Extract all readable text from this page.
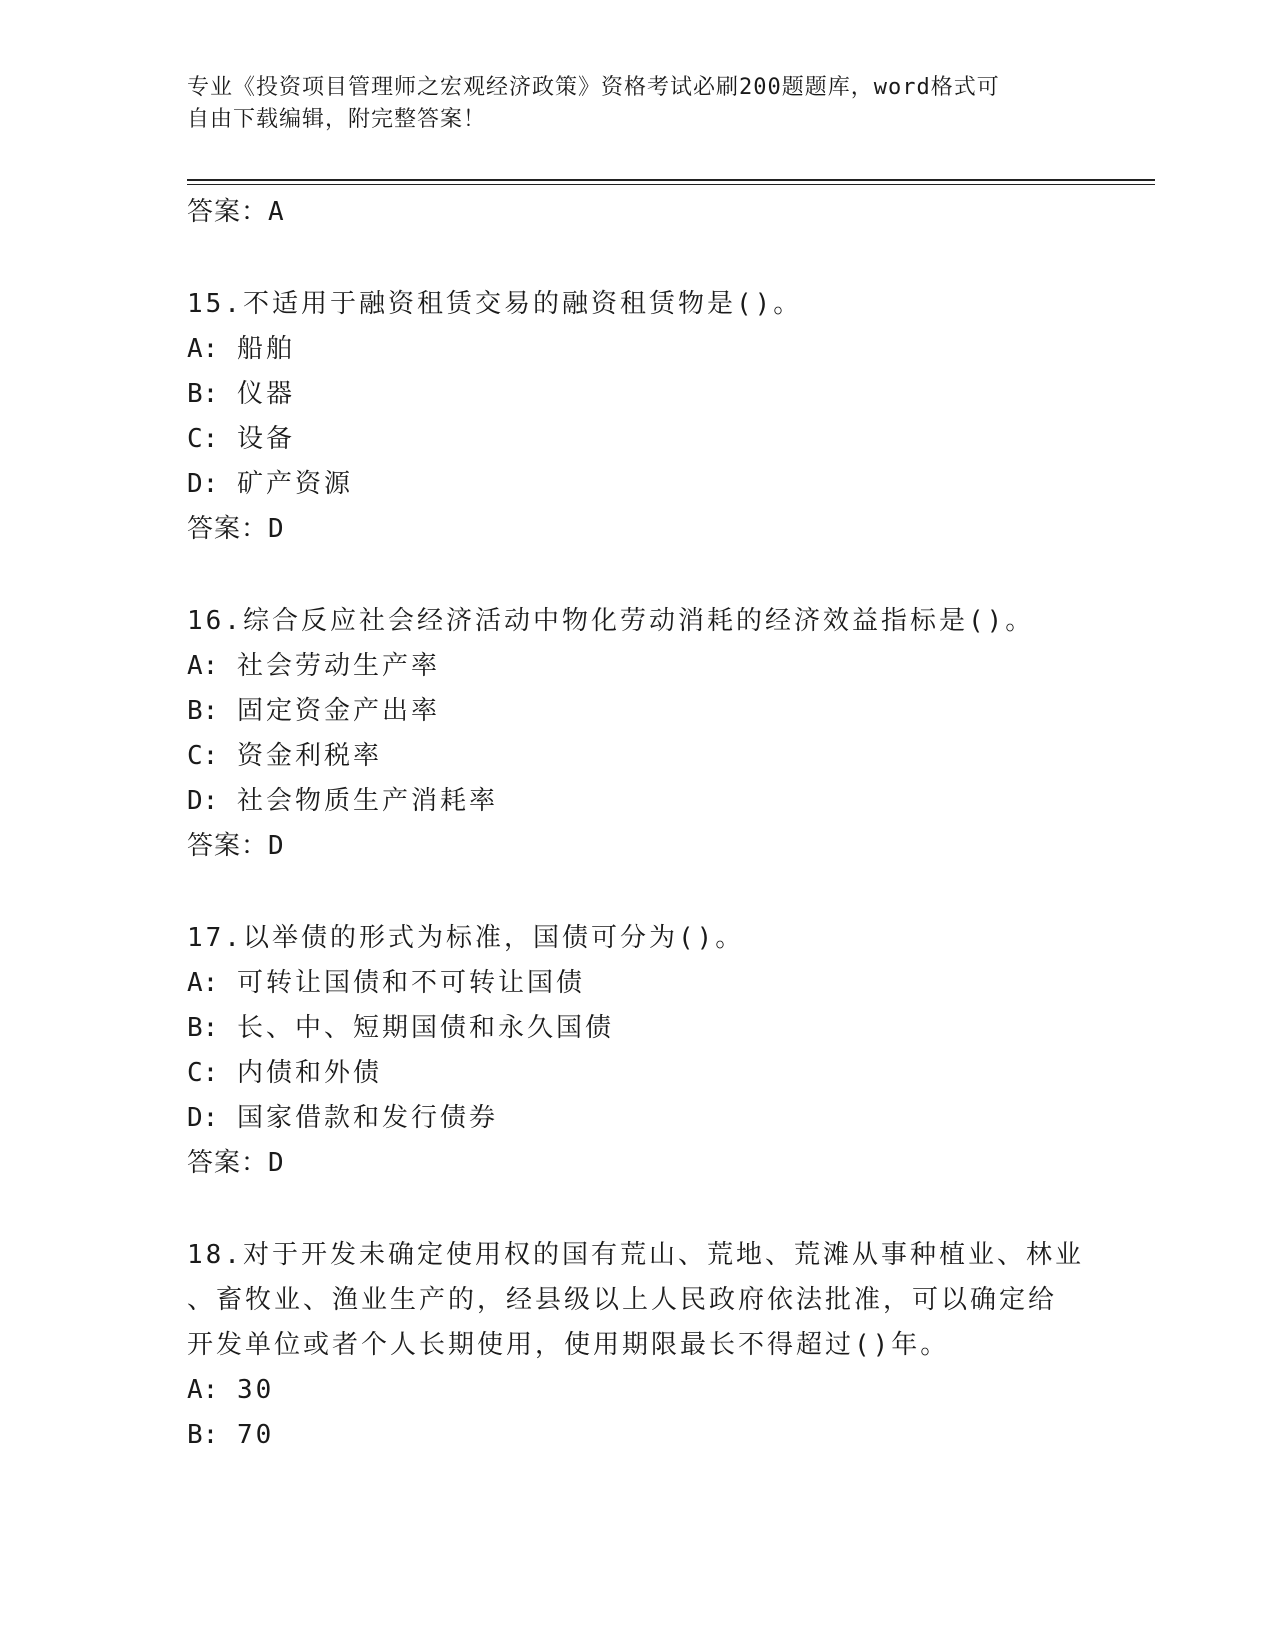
专业《投资项目管理师之宏观经济政策》资格考试必刷200题题库，word格式可
自由下载编辑，附完整答案！
答案：A
15.不适用于融资租赁交易的融资租赁物是()。
A: 船舶
B: 仪器
C: 设备
D: 矿产资源
答案：D
16.综合反应社会经济活动中物化劳动消耗的经济效益指标是()。
A: 社会劳动生产率
B: 固定资金产出率
C: 资金利税率
D: 社会物质生产消耗率
答案：D
17.以举债的形式为标准，国债可分为()。
A: 可转让国债和不可转让国债
B: 长、中、短期国债和永久国债
C: 内债和外债
D: 国家借款和发行债券
答案：D
18.对于开发未确定使用权的国有荒山、荒地、荒滩从事种植业、林业
、畜牧业、渔业生产的，经县级以上人民政府依法批准，可以确定给
开发单位或者个人长期使用，使用期限最长不得超过()年。
A: 30
B: 70
